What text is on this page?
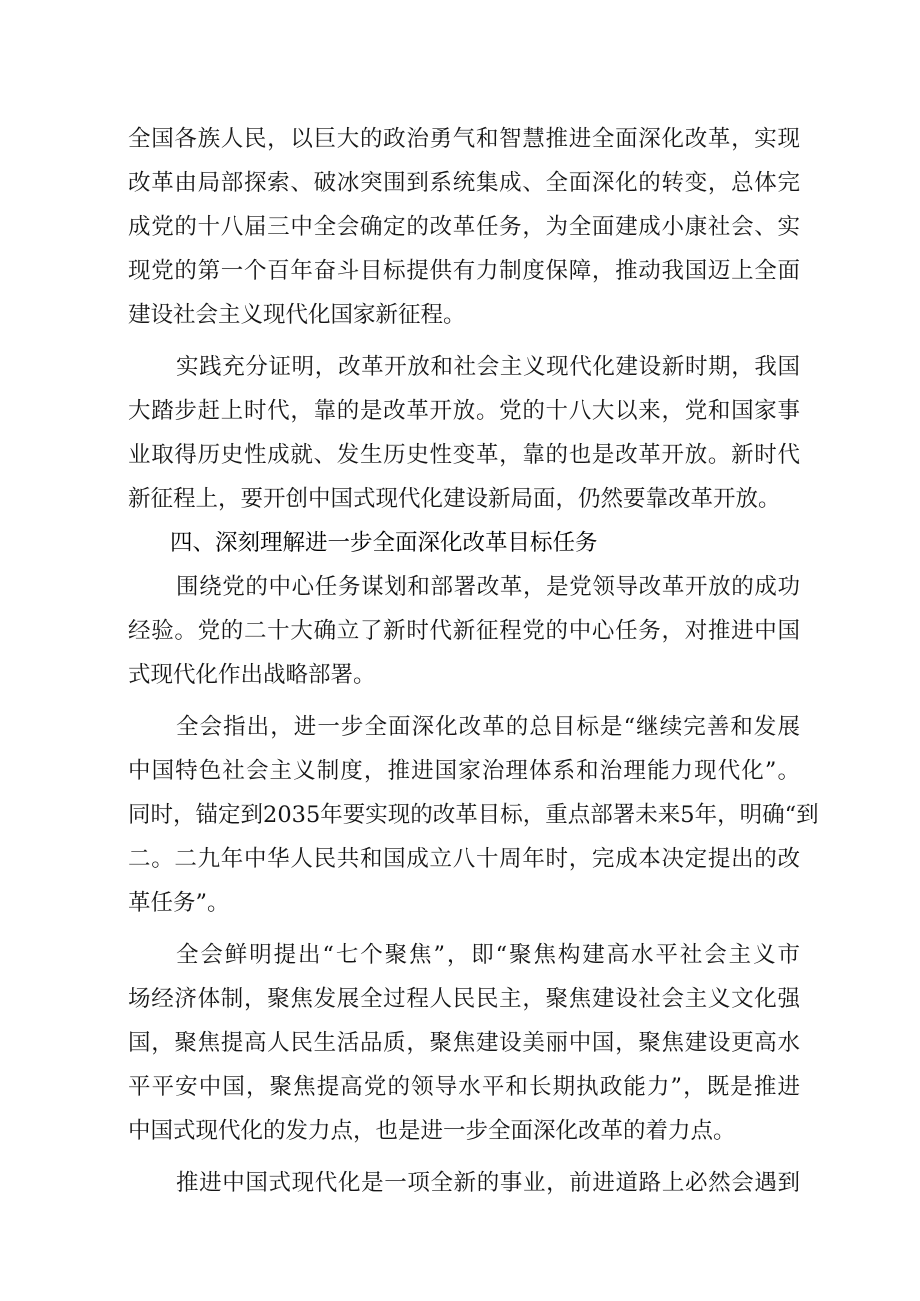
全国各族人民，以巨大的政治勇气和智慧推进全面深化改革，实现
改革由局部探索、破冰突围到系统集成、全面深化的转变，总体完
成党的十八届三中全会确定的改革任务，为全面建成小康社会、实
现党的第一个百年奋斗目标提供有力制度保障，推动我国迈上全面
建设社会主义现代化国家新征程。
实践充分证明，改革开放和社会主义现代化建设新时期，我国
大踏步赶上时代，靠的是改革开放。党的十八大以来，党和国家事
业取得历史性成就、发生历史性变革，靠的也是改革开放。新时代
新征程上，要开创中国式现代化建设新局面，仍然要靠改革开放。
四、深刻理解进一步全面深化改革目标任务
围绕党的中心任务谋划和部署改革，是党领导改革开放的成功
经验。党的二十大确立了新时代新征程党的中心任务，对推进中国
式现代化作出战略部署。
全会指出，进一步全面深化改革的总目标是“继续完善和发展
中国特色社会主义制度，推进国家治理体系和治理能力现代化”。
同时，锚定到2035年要实现的改革目标，重点部署未来5年，明确“到
二。二九年中华人民共和国成立八十周年时，完成本决定提出的改
革任务”。
全会鲜明提出“七个聚焦”，即“聚焦构建高水平社会主义市
场经济体制，聚焦发展全过程人民民主，聚焦建设社会主义文化强
国，聚焦提高人民生活品质，聚焦建设美丽中国，聚焦建设更高水
平平安中国，聚焦提高党的领导水平和长期执政能力”，既是推进
中国式现代化的发力点，也是进一步全面深化改革的着力点。
推进中国式现代化是一项全新的事业，前进道路上必然会遇到
